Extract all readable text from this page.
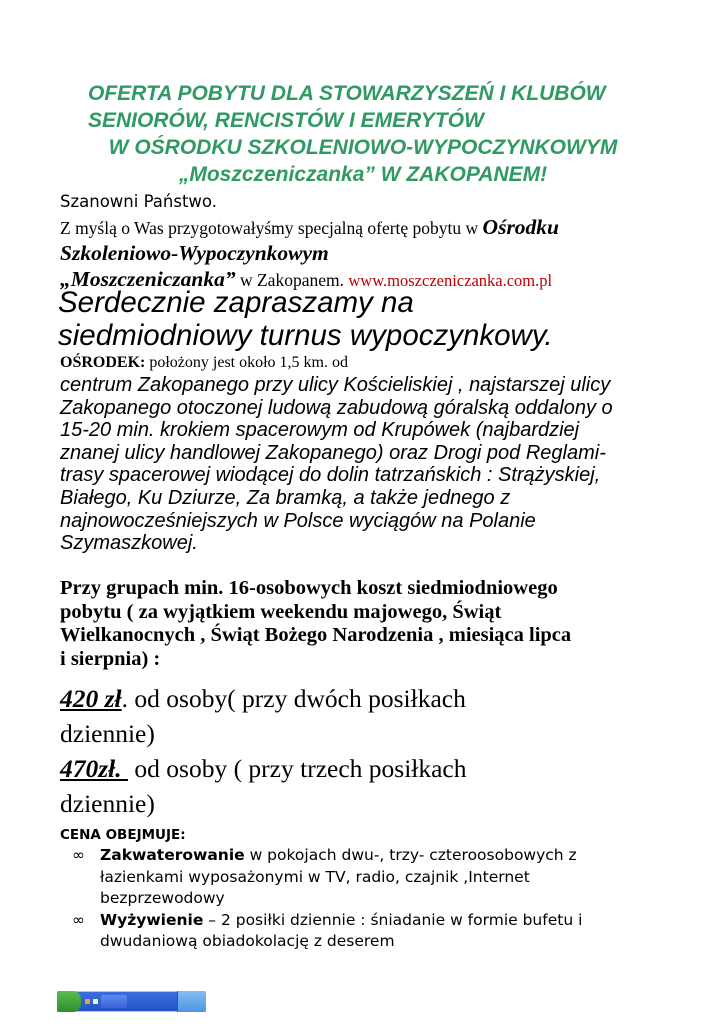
OFERTA POBYTU DLA STOWARZYSZEŃ I KLUBÓW
SENIORÓW, RENCISTÓW I EMERYTÓW
W OŚRODKU SZKOLENIOWO-WYPOCZYNKOWYM
„Moszczeniczanka” W ZAKOPANEM!
Szanowni Państwo.
Z myślą o Was przygotowałyśmy specjalną ofertę pobytu w Ośrodku
Szkoleniowo-Wypoczynkowym
„Moszczeniczanka” w Zakopanem. www.moszczeniczanka.com.pl
Serdecznie zapraszamy na
siedmiodniowy turnus wypoczynkowy.
OŚRODEK: położony jest około 1,5 km. od
centrum Zakopanego przy ulicy Kościeliskiej , najstarszej ulicy
Zakopanego otoczonej ludową zabudową góralską oddalony o
15-20 min. krokiem spacerowym od Krupówek (najbardziej
znanej ulicy handlowej Zakopanego) oraz Drogi pod Reglami-
trasy spacerowej wiodącej do dolin tatrzańskich : Strążyskiej,
Białego, Ku Dziurze, Za bramką, a także jednego z
najnowocześniejszych w Polsce wyciągów na Polanie
Szymaszkowej.
Przy grupach min. 16-osobowych koszt siedmiodniowego
pobytu ( za wyjątkiem weekendu majowego, Świąt
Wielkanocnych , Świąt Bożego Narodzenia , miesiąca lipca
i sierpnia) :
420 zł. od osoby( przy dwóch posiłkach
dziennie)
470zł.  od osoby ( przy trzech posiłkach
dziennie)
CENA OBEJMUJE:
∞ Zakwaterowanie w pokojach dwu-, trzy- czteroosobowych z
łazienkami wyposażonymi w TV, radio, czajnik ,Internet
bezprzewodowy
∞ Wyżywienie – 2 posiłki dziennie : śniadanie w formie bufetu i
dwudaniową obiadokolację z deserem
